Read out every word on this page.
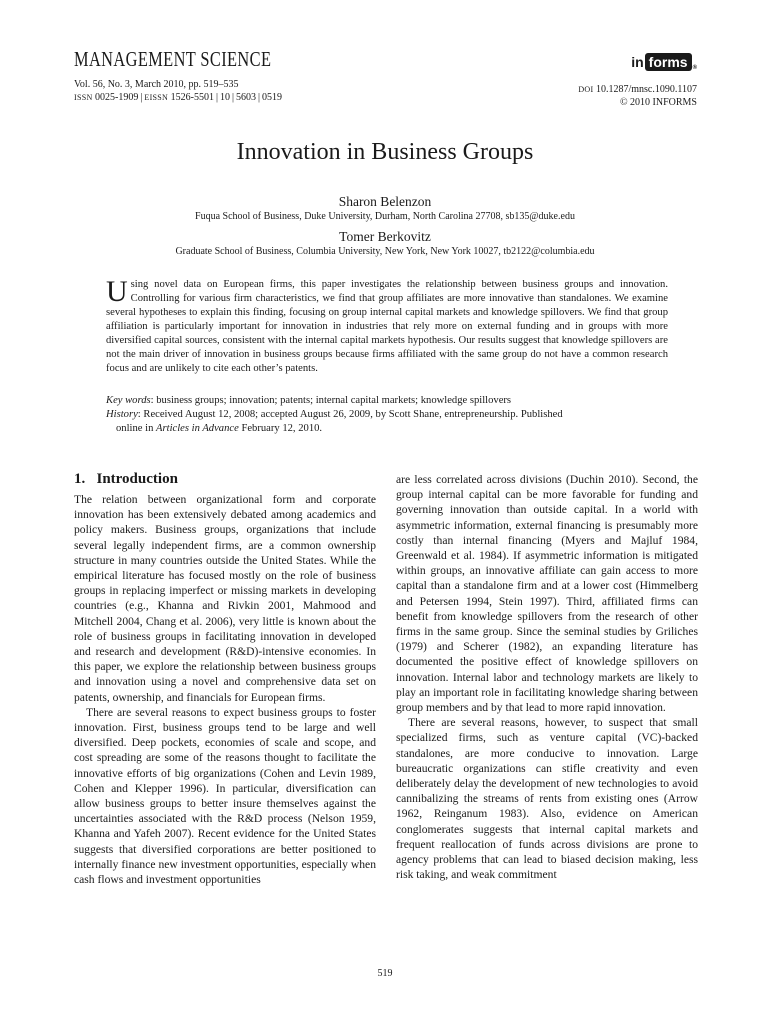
MANAGEMENT SCIENCE
Vol. 56, No. 3, March 2010, pp. 519–535
ISSN 0025-1909 | EISSN 1526-5501 | 10 | 5603 | 0519
in forms ®
DOI 10.1287/mnsc.1090.1107
© 2010 INFORMS
Innovation in Business Groups
Sharon Belenzon
Fuqua School of Business, Duke University, Durham, North Carolina 27708, sb135@duke.edu
Tomer Berkovitz
Graduate School of Business, Columbia University, New York, New York 10027, tb2122@columbia.edu
Using novel data on European firms, this paper investigates the relationship between business groups and innovation. Controlling for various firm characteristics, we find that group affiliates are more innovative than standalones. We examine several hypotheses to explain this finding, focusing on group internal capital markets and knowledge spillovers. We find that group affiliation is particularly important for innovation in industries that rely more on external funding and in groups with more diversified capital sources, consistent with the internal capital markets hypothesis. Our results suggest that knowledge spillovers are not the main driver of innovation in business groups because firms affiliated with the same group do not have a common research focus and are unlikely to cite each other’s patents.
Key words: business groups; innovation; patents; internal capital markets; knowledge spillovers
History: Received August 12, 2008; accepted August 26, 2009, by Scott Shane, entrepreneurship. Published
online in Articles in Advance February 12, 2010.
1. Introduction

The relation between organizational form and corporate innovation has been extensively debated among academics and policy makers. Business groups, organizations that include several legally independent firms, are a common ownership structure in many countries outside the United States. While the empirical literature has focused mostly on the role of business groups in replacing imperfect or missing markets in developing countries (e.g., Khanna and Rivkin 2001, Mahmood and Mitchell 2004, Chang et al. 2006), very little is known about the role of business groups in facilitating innovation in developed and research and development (R&D)-intensive economies. In this paper, we explore the relationship between business groups and innovation using a novel and comprehensive data set on patents, ownership, and financials for European firms.

There are several reasons to expect business groups to foster innovation. First, business groups tend to be large and well diversified. Deep pockets, economies of scale and scope, and cost spreading are some of the reasons thought to facilitate the innovative efforts of big organizations (Cohen and Levin 1989, Cohen and Klepper 1996). In particular, diversification can allow business groups to better insure themselves against the uncertainties associated with the R&D process (Nelson 1959, Khanna and Yafeh 2007). Recent evidence for the United States suggests that diversified corporations are better positioned to internally finance new investment opportunities, especially when cash flows and investment opportunities

are less correlated across divisions (Duchin 2010). Second, the group internal capital can be more favorable for funding and governing innovation than outside capital. In a world with asymmetric information, external financing is presumably more costly than internal financing (Myers and Majluf 1984, Greenwald et al. 1984). If asymmetric information is mitigated within groups, an innovative affiliate can gain access to more capital than a standalone firm and at a lower cost (Himmelberg and Petersen 1994, Stein 1997). Third, affiliated firms can benefit from knowledge spillovers from the research of other firms in the same group. Since the seminal studies by Griliches (1979) and Scherer (1982), an expanding literature has documented the positive effect of knowledge spillovers on innovation. Internal labor and technology markets are likely to play an important role in facilitating knowledge sharing between group members and by that lead to more rapid innovation.

There are several reasons, however, to suspect that small specialized firms, such as venture capital (VC)-backed standalones, are more conducive to innovation. Large bureaucratic organizations can stifle creativity and even deliberately delay the development of new technologies to avoid cannibalizing the streams of rents from existing ones (Arrow 1962, Reinganum 1983). Also, evidence on American conglomerates suggests that internal capital markets and frequent reallocation of funds across divisions are prone to agency problems that can lead to biased decision making, less risk taking, and weak commitment

519
